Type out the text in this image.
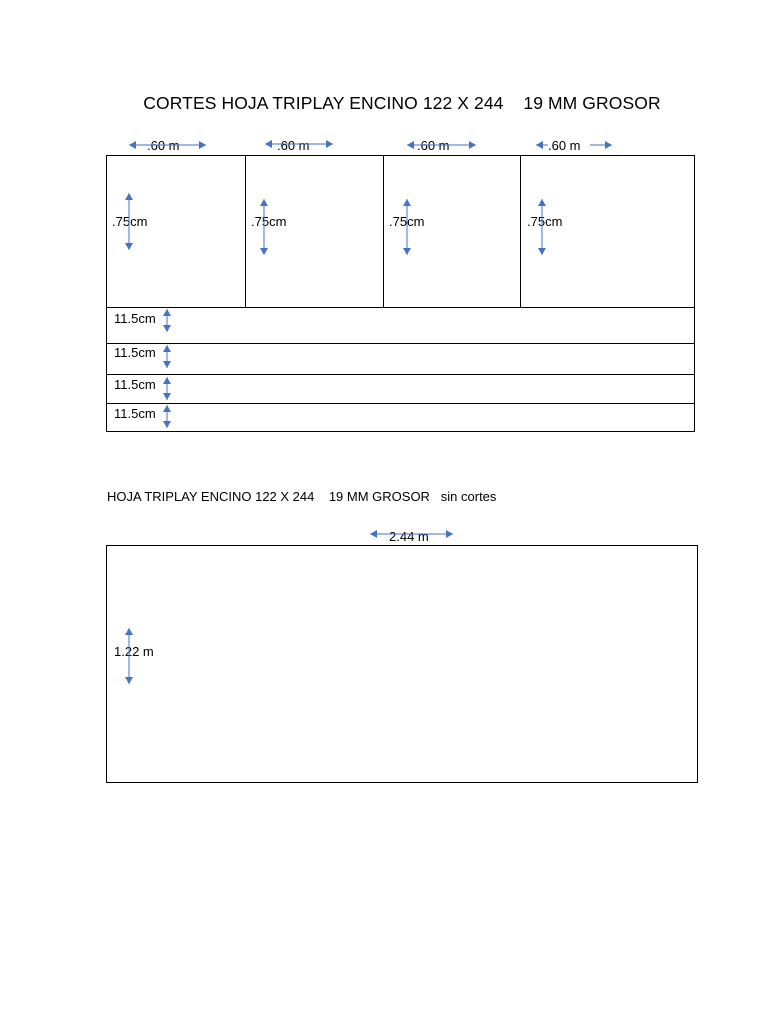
CORTES HOJA TRIPLAY ENCINO 122 X 244    19 MM GROSOR
.60 m	.60 m	.60 m	.60 m
.75cm	.75cm	.75cm	.75cm
11.5cm
11.5cm
11.5cm
11.5cm
HOJA TRIPLAY ENCINO 122 X 244    19 MM GROSOR   sin cortes
2.44 m
1.22 m
